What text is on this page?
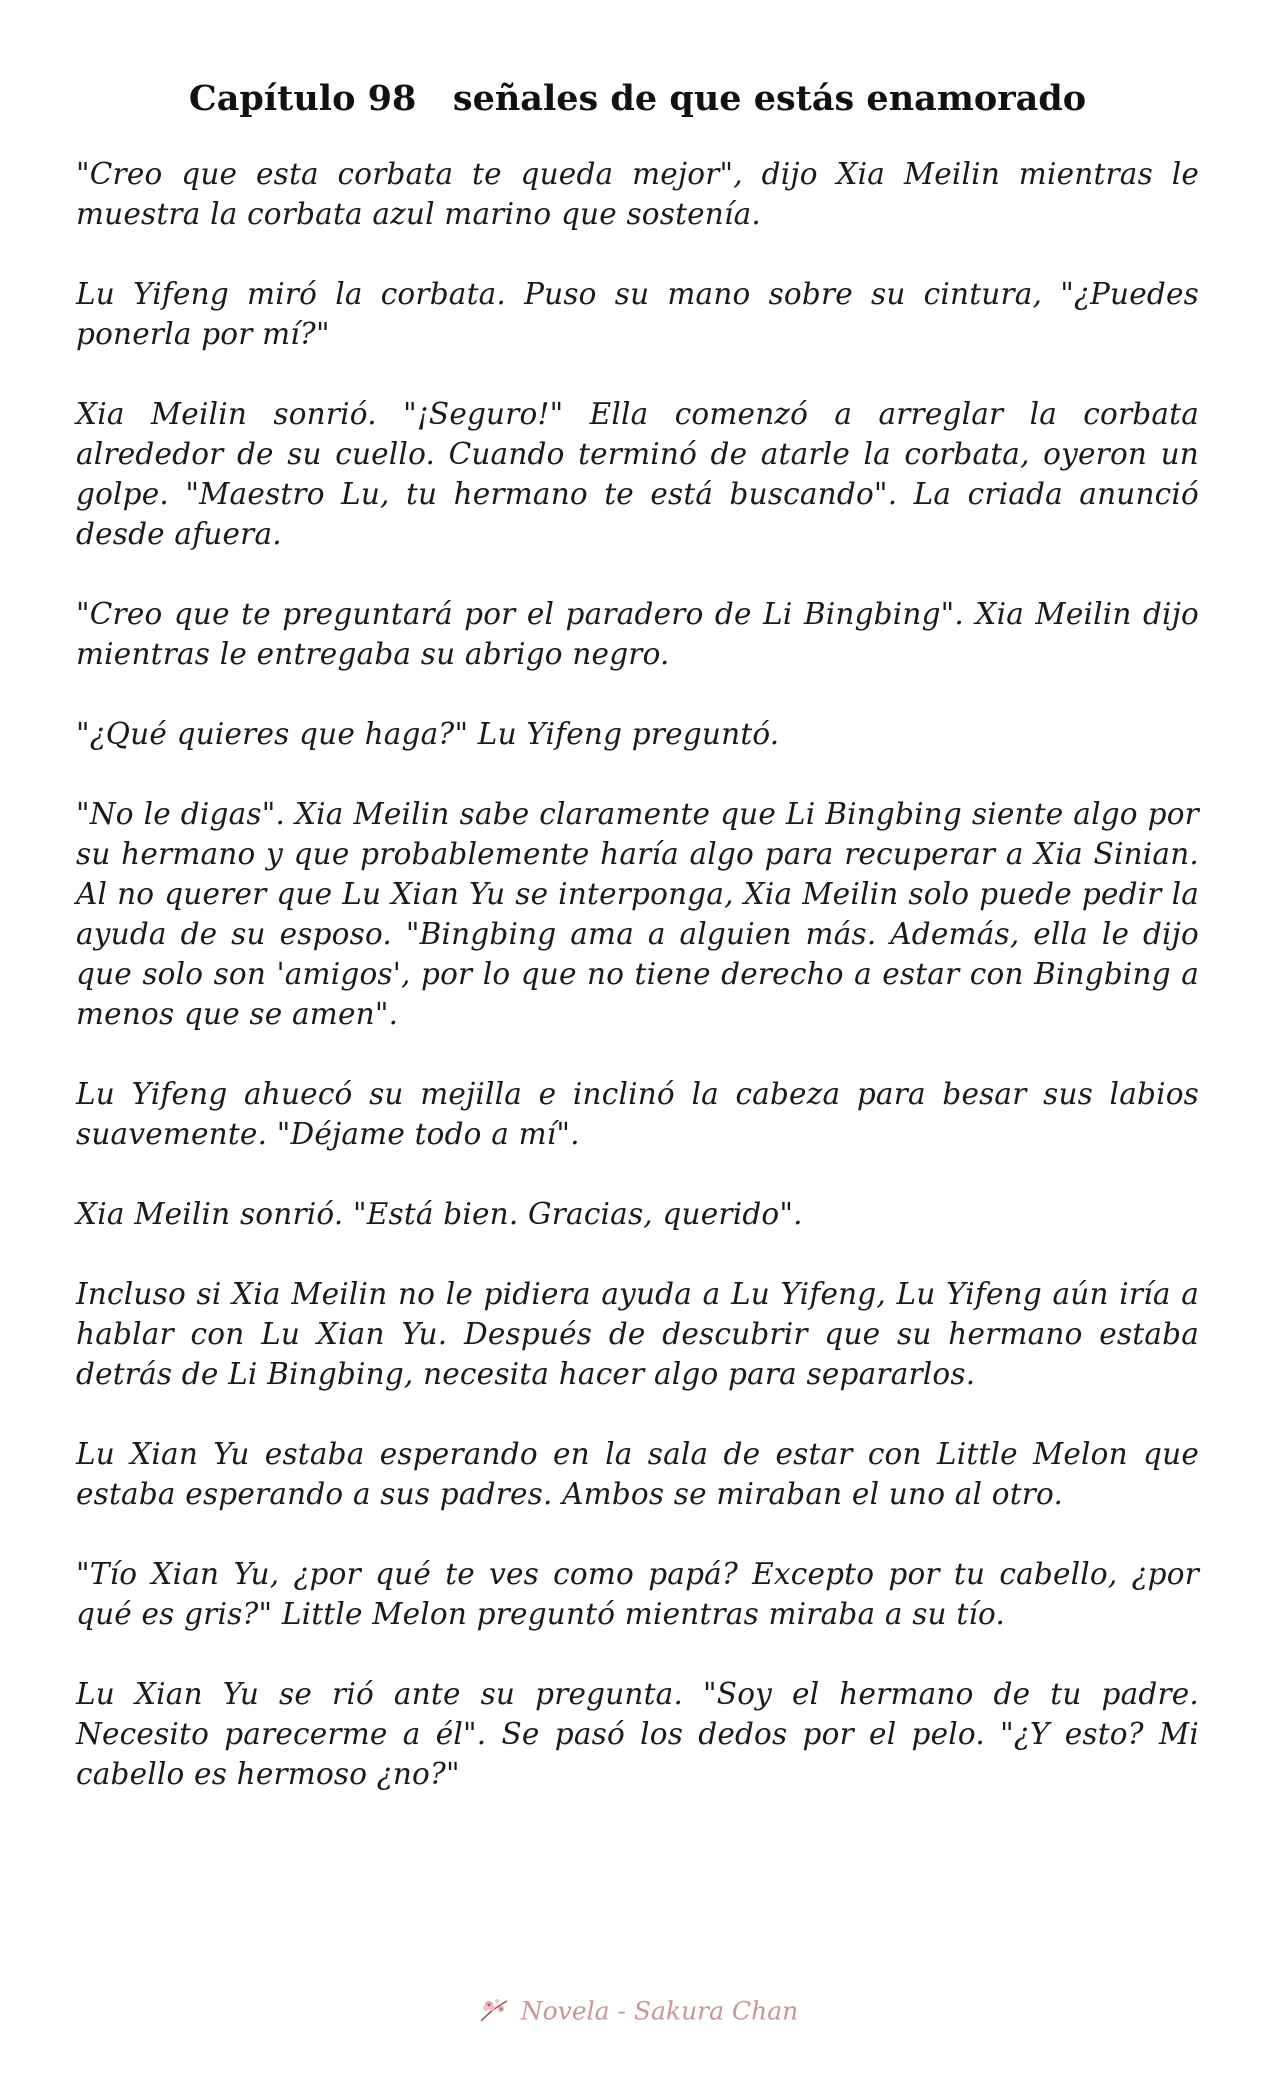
Capítulo 98   señales de que estás enamorado

"Creo que esta corbata te queda mejor", dijo Xia Meilin mientras le muestra la corbata azul marino que sostenía.

Lu Yifeng miró la corbata. Puso su mano sobre su cintura, "¿Puedes ponerla por mí?"

Xia Meilin sonrió. "¡Seguro!" Ella comenzó a arreglar la corbata alrededor de su cuello. Cuando terminó de atarle la corbata, oyeron un golpe. "Maestro Lu, tu hermano te está buscando". La criada anunció desde afuera.

"Creo que te preguntará por el paradero de Li Bingbing". Xia Meilin dijo mientras le entregaba su abrigo negro.

"¿Qué quieres que haga?" Lu Yifeng preguntó.

"No le digas". Xia Meilin sabe claramente que Li Bingbing siente algo por su hermano y que probablemente haría algo para recuperar a Xia Sinian. Al no querer que Lu Xian Yu se interponga, Xia Meilin solo puede pedir la ayuda de su esposo. "Bingbing ama a alguien más. Además, ella le dijo que solo son 'amigos', por lo que no tiene derecho a estar con Bingbing a menos que se amen".

Lu Yifeng ahuecó su mejilla e inclinó la cabeza para besar sus labios suavemente. "Déjame todo a mí".

Xia Meilin sonrió. "Está bien. Gracias, querido".

Incluso si Xia Meilin no le pidiera ayuda a Lu Yifeng, Lu Yifeng aún iría a hablar con Lu Xian Yu. Después de descubrir que su hermano estaba detrás de Li Bingbing, necesita hacer algo para separarlos.

Lu Xian Yu estaba esperando en la sala de estar con Little Melon que estaba esperando a sus padres. Ambos se miraban el uno al otro.

"Tío Xian Yu, ¿por qué te ves como papá? Excepto por tu cabello, ¿por qué es gris?" Little Melon preguntó mientras miraba a su tío.

Lu Xian Yu se rió ante su pregunta. "Soy el hermano de tu padre. Necesito parecerme a él". Se pasó los dedos por el pelo. "¿Y esto? Mi cabello es hermoso ¿no?"

Novela - Sakura Chan
